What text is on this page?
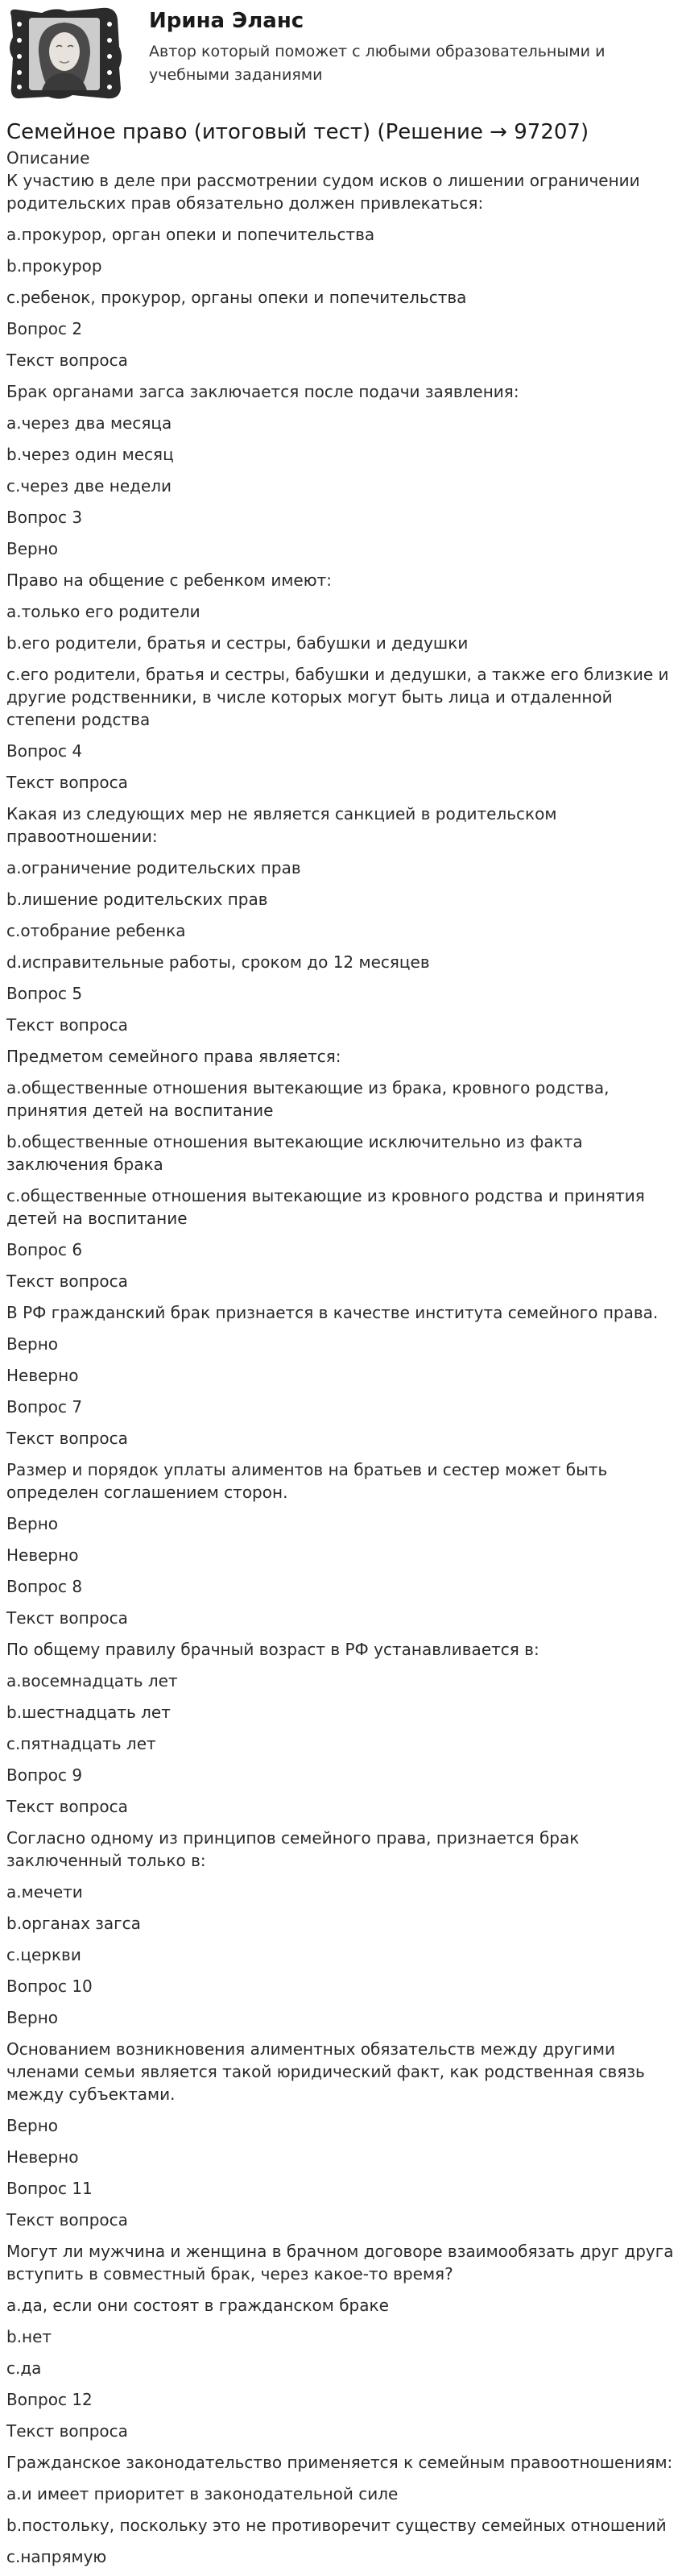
Ирина Эланс
Автор который поможет с любыми образовательными и учебными заданиями
Семейное право (итоговый тест) (Решение → 97207)
Описание
К участию в деле при рассмотрении судом исков о лишении ограничении родительских прав обязательно должен привлекаться:
a.прокурор, орган опеки и попечительства
b.прокурор
c.ребенок, прокурор, органы опеки и попечительства
Вопрос 2
Текст вопроса
Брак органами загса заключается после подачи заявления:
a.через два месяца
b.через один месяц
c.через две недели
Вопрос 3
Верно
Право на общение с ребенком имеют:
a.только его родители
b.его родители, братья и сестры, бабушки и дедушки
c.его родители, братья и сестры, бабушки и дедушки, а также его близкие и другие родственники, в числе которых могут быть лица и отдаленной степени родства
Вопрос 4
Текст вопроса
Какая из следующих мер не является санкцией в родительском правоотношении:
a.ограничение родительских прав
b.лишение родительских прав
c.отобрание ребенка
d.исправительные работы, сроком до 12 месяцев
Вопрос 5
Текст вопроса
Предметом семейного права является:
a.общественные отношения вытекающие из брака, кровного родства, принятия детей на воспитание
b.общественные отношения вытекающие исключительно из факта заключения брака
c.общественные отношения вытекающие из кровного родства и принятия детей на воспитание
Вопрос 6
Текст вопроса
В РФ гражданский брак признается в качестве института семейного права.
Верно
Неверно
Вопрос 7
Текст вопроса
Размер и порядок уплаты алиментов на братьев и сестер может быть определен соглашением сторон.
Верно
Неверно
Вопрос 8
Текст вопроса
По общему правилу брачный возраст в РФ устанавливается в:
a.восемнадцать лет
b.шестнадцать лет
c.пятнадцать лет
Вопрос 9
Текст вопроса
Согласно одному из принципов семейного права, признается брак заключенный только в:
a.мечети
b.органах загса
c.церкви
Вопрос 10
Верно
Основанием возникновения алиментных обязательств между другими членами семьи является такой юридический факт, как родственная связь между субъектами.
Верно
Неверно
Вопрос 11
Текст вопроса
Могут ли мужчина и женщина в брачном договоре взаимообязать друг друга вступить в совместный брак, через какое-то время?
a.да, если они состоят в гражданском браке
b.нет
c.да
Вопрос 12
Текст вопроса
Гражданское законодательство применяется к семейным правоотношениям:
a.и имеет приоритет в законодательной силе
b.постольку, поскольку это не противоречит существу семейных отношений
c.напрямую
